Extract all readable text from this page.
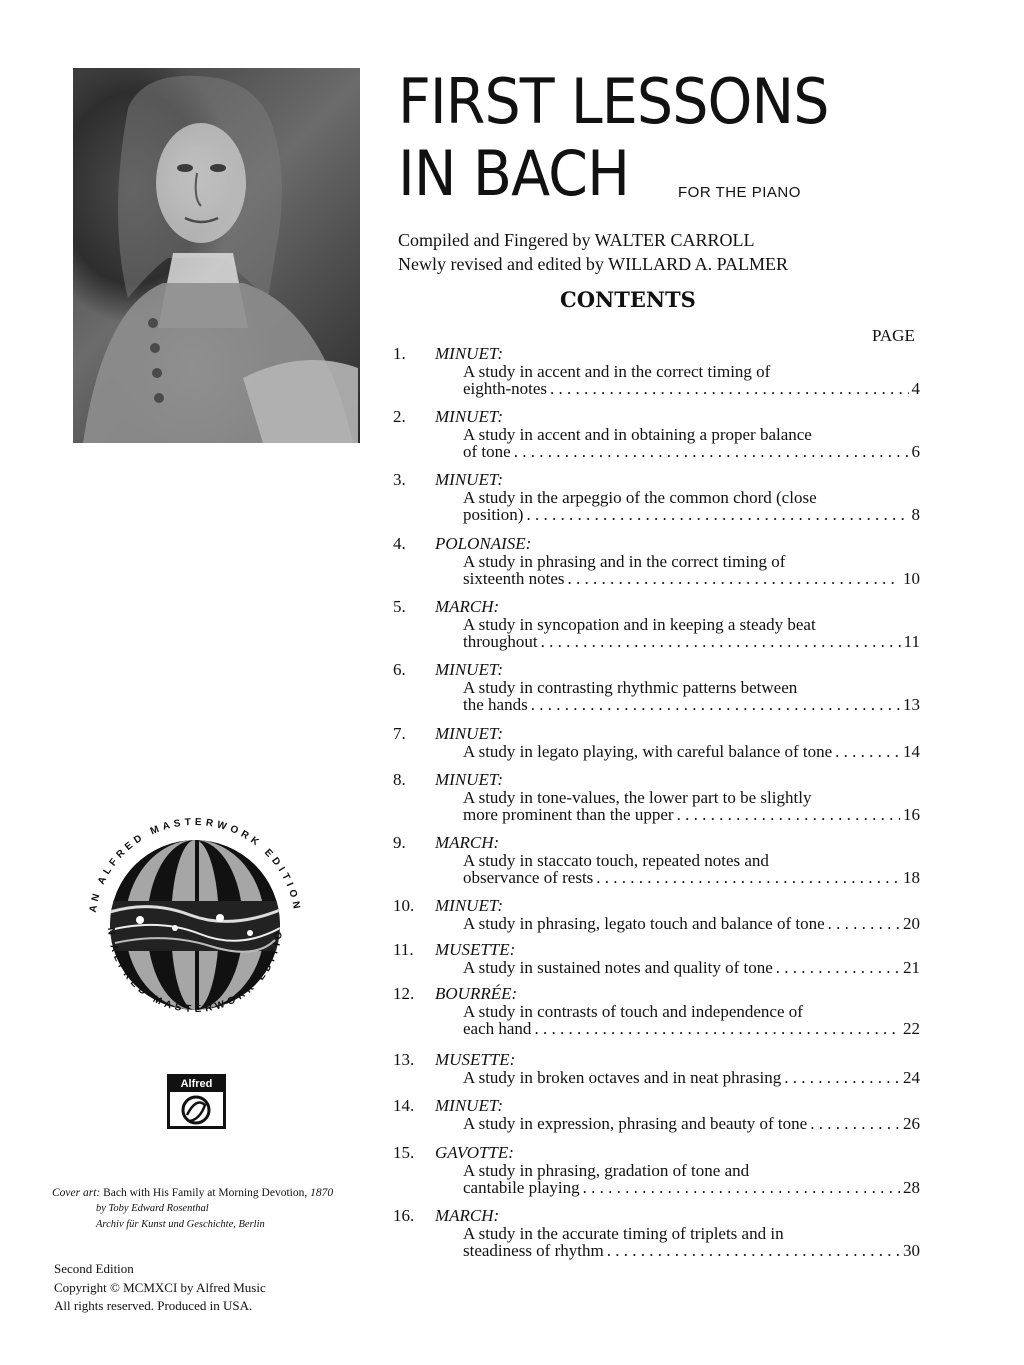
FIRST LESSONS
IN BACH	FOR THE PIANO
Compiled and Fingered by WALTER CARROLL
Newly revised and edited by WILLARD A. PALMER
CONTENTS
PAGE
1. MINUET:
A study in accent and in the correct timing of
eighth-notes . . .	4
2. MINUET:
A study in accent and in obtaining a proper balance
of tone . . .	6
3. MINUET:
A study in the arpeggio of the common chord (close
position) . . .	8
4. POLONAISE:
A study in phrasing and in the correct timing of
sixteenth notes . . .	10
5. MARCH:
A study in syncopation and in keeping a steady beat
throughout . . .	11
6. MINUET:
A study in contrasting rhythmic patterns between
the hands . . .	13
7. MINUET:
A study in legato playing, with careful balance of tone . . .	14
8. MINUET:
A study in tone-values, the lower part to be slightly
more prominent than the upper . . .	16
9. MARCH:
A study in staccato touch, repeated notes and
observance of rests . . .	18
10. MINUET:
A study in phrasing, legato touch and balance of tone . . .	20
11. MUSETTE:
A study in sustained notes and quality of tone . . .	21
12. BOURRÉE:
A study in contrasts of touch and independence of
each hand . . .	22
13. MUSETTE:
A study in broken octaves and in neat phrasing . . .	24
14. MINUET:
A study in expression, phrasing and beauty of tone . . .	26
15. GAVOTTE:
A study in phrasing, gradation of tone and
cantabile playing . . .	28
16. MARCH:
A study in the accurate timing of triplets and in
steadiness of rhythm . . .	30
AN ALFRED MASTERWORK EDITION
N ALFRED MASTERWORK EDITIO
Alfred
Cover art: Bach with His Family at Morning Devotion, 1870
by Toby Edward Rosenthal
Archiv für Kunst und Geschichte, Berlin
Second Edition
Copyright © MCMXCI by Alfred Music
All rights reserved. Produced in USA.
